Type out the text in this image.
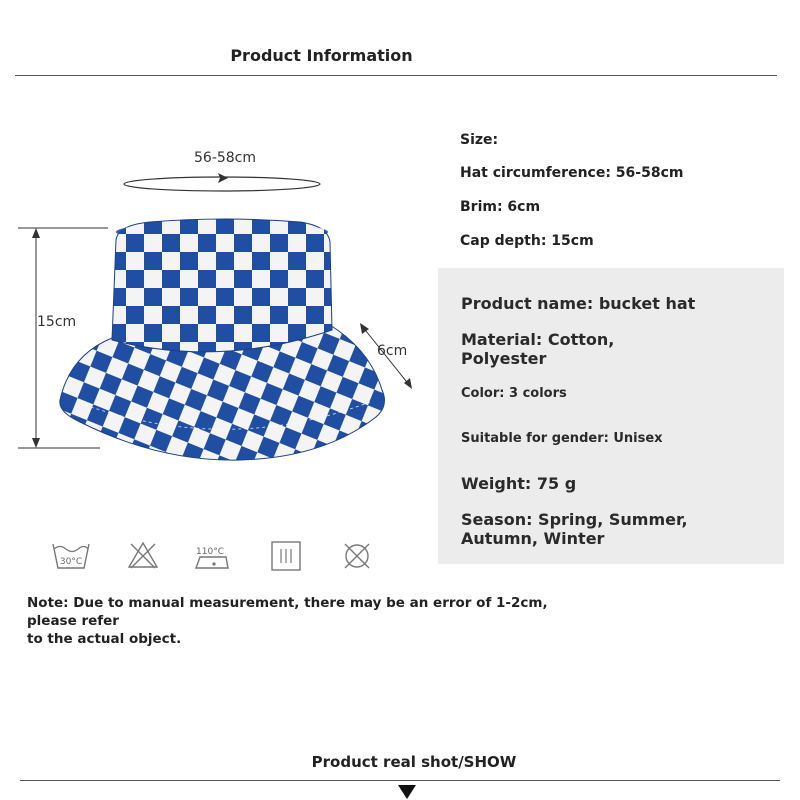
Product Information
56-58cm
15cm
6cm
Size:
Hat circumference: 56-58cm
Brim: 6cm
Cap depth: 15cm
Product name: bucket hat
Material: Cotton,
Polyester
Color: 3 colors
Suitable for gender: Unisex
Weight: 75 g
Season: Spring, Summer,
Autumn, Winter
30°C
110°C
Note: Due to manual measurement, there may be an error of 1-2cm, please refer
to the actual object.
Product real shot/SHOW
